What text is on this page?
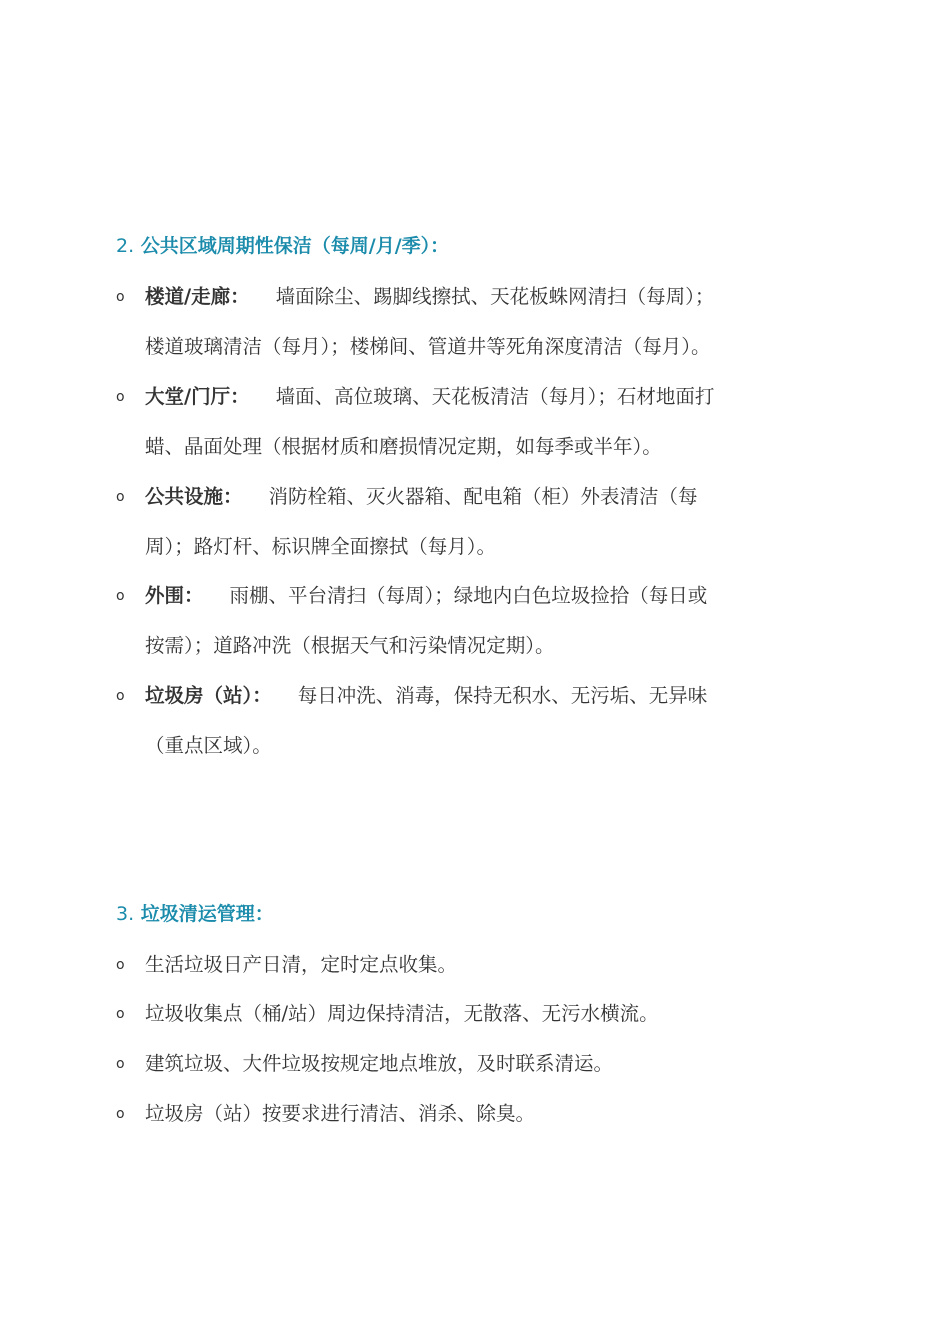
2. 公共区域周期性保洁（每周/月/季）：
o 楼道/走廊： 墙面除尘、踢脚线擦拭、天花板蛛网清扫（每周）；
楼道玻璃清洁（每月）；楼梯间、管道井等死角深度清洁（每月）。
o 大堂/门厅： 墙面、高位玻璃、天花板清洁（每月）；石材地面打
蜡、晶面处理（根据材质和磨损情况定期，如每季或半年）。
o 公共设施： 消防栓箱、灭火器箱、配电箱（柜）外表清洁（每
周）；路灯杆、标识牌全面擦拭（每月）。
o 外围： 雨棚、平台清扫（每周）；绿地内白色垃圾捡拾（每日或
按需）；道路冲洗（根据天气和污染情况定期）。
o 垃圾房（站）： 每日冲洗、消毒，保持无积水、无污垢、无异味
（重点区域）。
3. 垃圾清运管理：
o 生活垃圾日产日清，定时定点收集。
o 垃圾收集点（桶/站）周边保持清洁，无散落、无污水横流。
o 建筑垃圾、大件垃圾按规定地点堆放，及时联系清运。
o 垃圾房（站）按要求进行清洁、消杀、除臭。
